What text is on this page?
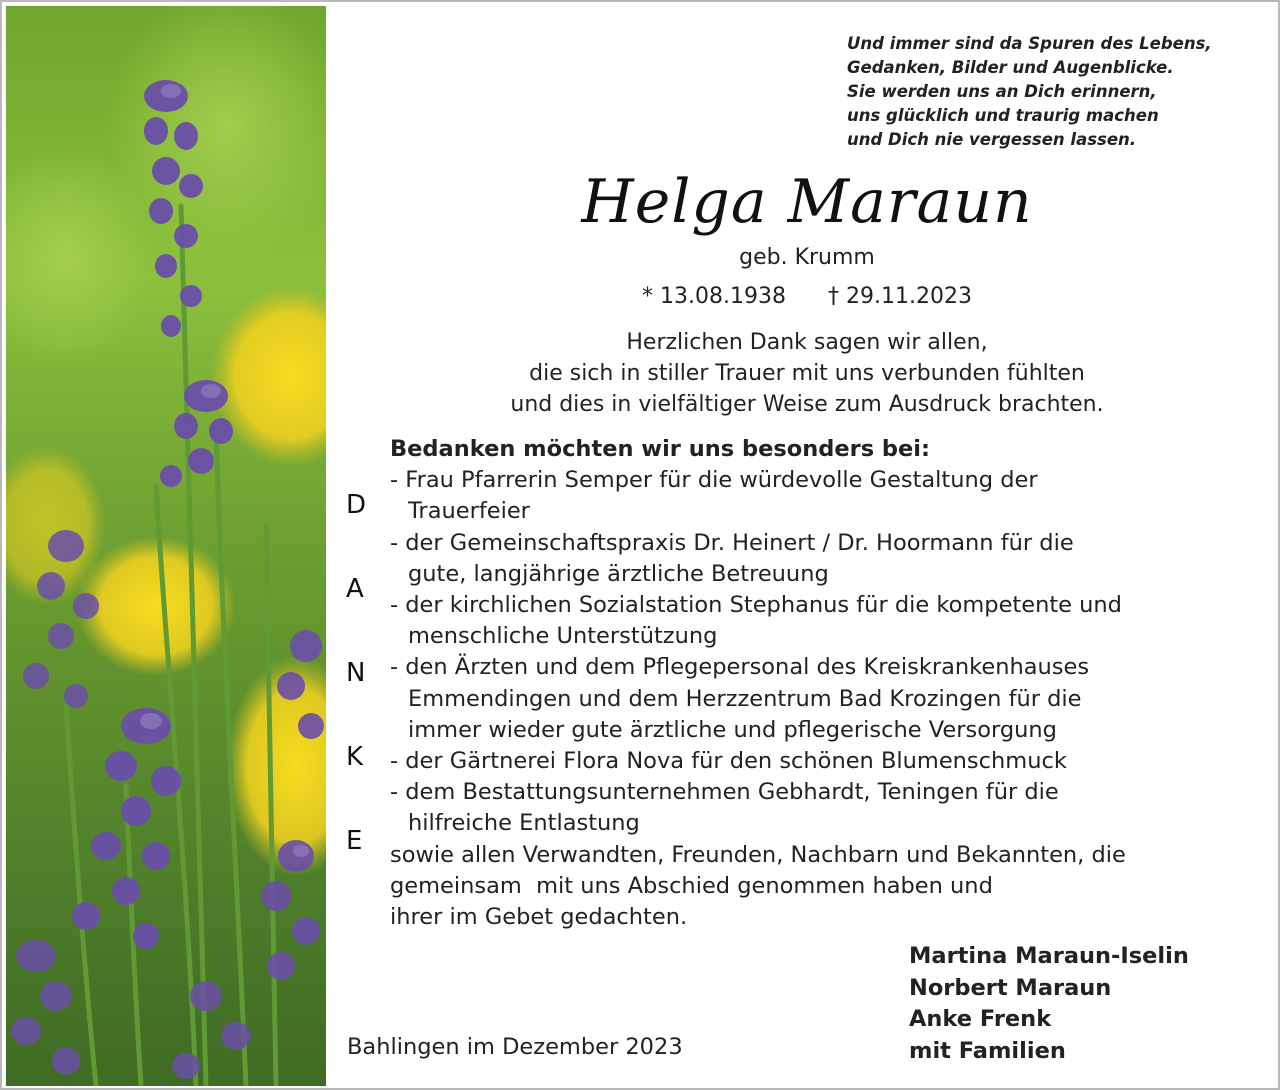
Und immer sind da Spuren des Lebens,
Gedanken, Bilder und Augenblicke.
Sie werden uns an Dich erinnern,
uns glücklich und traurig machen
und Dich nie vergessen lassen.
Helga Maraun
geb. Krumm
* 13.08.1938 † 29.11.2023
Herzlichen Dank sagen wir allen,
die sich in stiller Trauer mit uns verbunden fühlten
und dies in vielfältiger Weise zum Ausdruck brachten.
D
A
N
K
E
Bedanken möchten wir uns besonders bei:
- Frau Pfarrerin Semper für die würdevolle Gestaltung der
Trauerfeier
- der Gemeinschaftspraxis Dr. Heinert / Dr. Hoormann für die
gute, langjährige ärztliche Betreuung
- der kirchlichen Sozialstation Stephanus für die kompetente und
menschliche Unterstützung
- den Ärzten und dem Pflegepersonal des Kreiskrankenhauses
Emmendingen und dem Herzzentrum Bad Krozingen für die
immer wieder gute ärztliche und pflegerische Versorgung
- der Gärtnerei Flora Nova für den schönen Blumenschmuck
- dem Bestattungsunternehmen Gebhardt, Teningen für die
hilfreiche Entlastung
sowie allen Verwandten, Freunden, Nachbarn und Bekannten, die
gemeinsam  mit uns Abschied genommen haben und
ihrer im Gebet gedachten.
Martina Maraun-Iselin
Norbert Maraun
Anke Frenk
mit Familien
Bahlingen im Dezember 2023
